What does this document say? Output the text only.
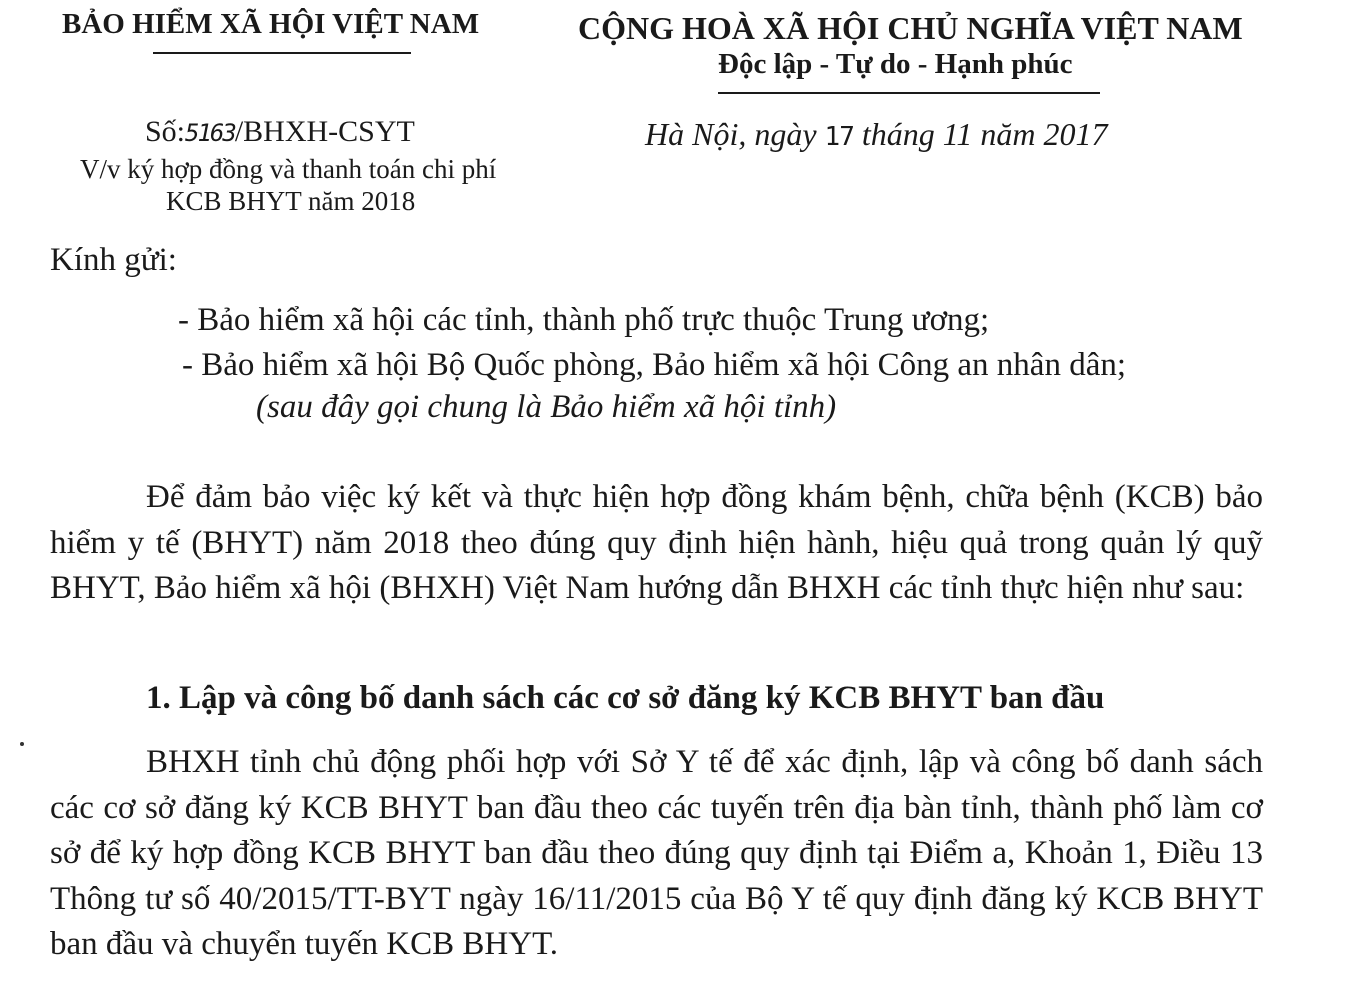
BẢO HIỂM XÃ HỘI VIỆT NAM	CỘNG HOÀ XÃ HỘI CHỦ NGHĨA VIỆT NAM
Độc lập - Tự do - Hạnh phúc
Số:5163/BHXH-CSYT
V/v ký hợp đồng và thanh toán chi phí
KCB BHYT năm 2018
Hà Nội, ngày 17 tháng 11 năm 2017
Kính gửi:
- Bảo hiểm xã hội các tỉnh, thành phố trực thuộc Trung ương;
- Bảo hiểm xã hội Bộ Quốc phòng, Bảo hiểm xã hội Công an nhân dân;
(sau đây gọi chung là Bảo hiểm xã hội tỉnh)
Để đảm bảo việc ký kết và thực hiện hợp đồng khám bệnh, chữa bệnh (KCB) bảo hiểm y tế (BHYT) năm 2018 theo đúng quy định hiện hành, hiệu quả trong quản lý quỹ BHYT, Bảo hiểm xã hội (BHXH) Việt Nam hướng dẫn BHXH các tỉnh thực hiện như sau:
1. Lập và công bố danh sách các cơ sở đăng ký KCB BHYT ban đầu
BHXH tỉnh chủ động phối hợp với Sở Y tế để xác định, lập và công bố danh sách các cơ sở đăng ký KCB BHYT ban đầu theo các tuyến trên địa bàn tỉnh, thành phố làm cơ sở để ký hợp đồng KCB BHYT ban đầu theo đúng quy định tại Điểm a, Khoản 1, Điều 13 Thông tư số 40/2015/TT-BYT ngày 16/11/2015 của Bộ Y tế quy định đăng ký KCB BHYT ban đầu và chuyển tuyến KCB BHYT.
